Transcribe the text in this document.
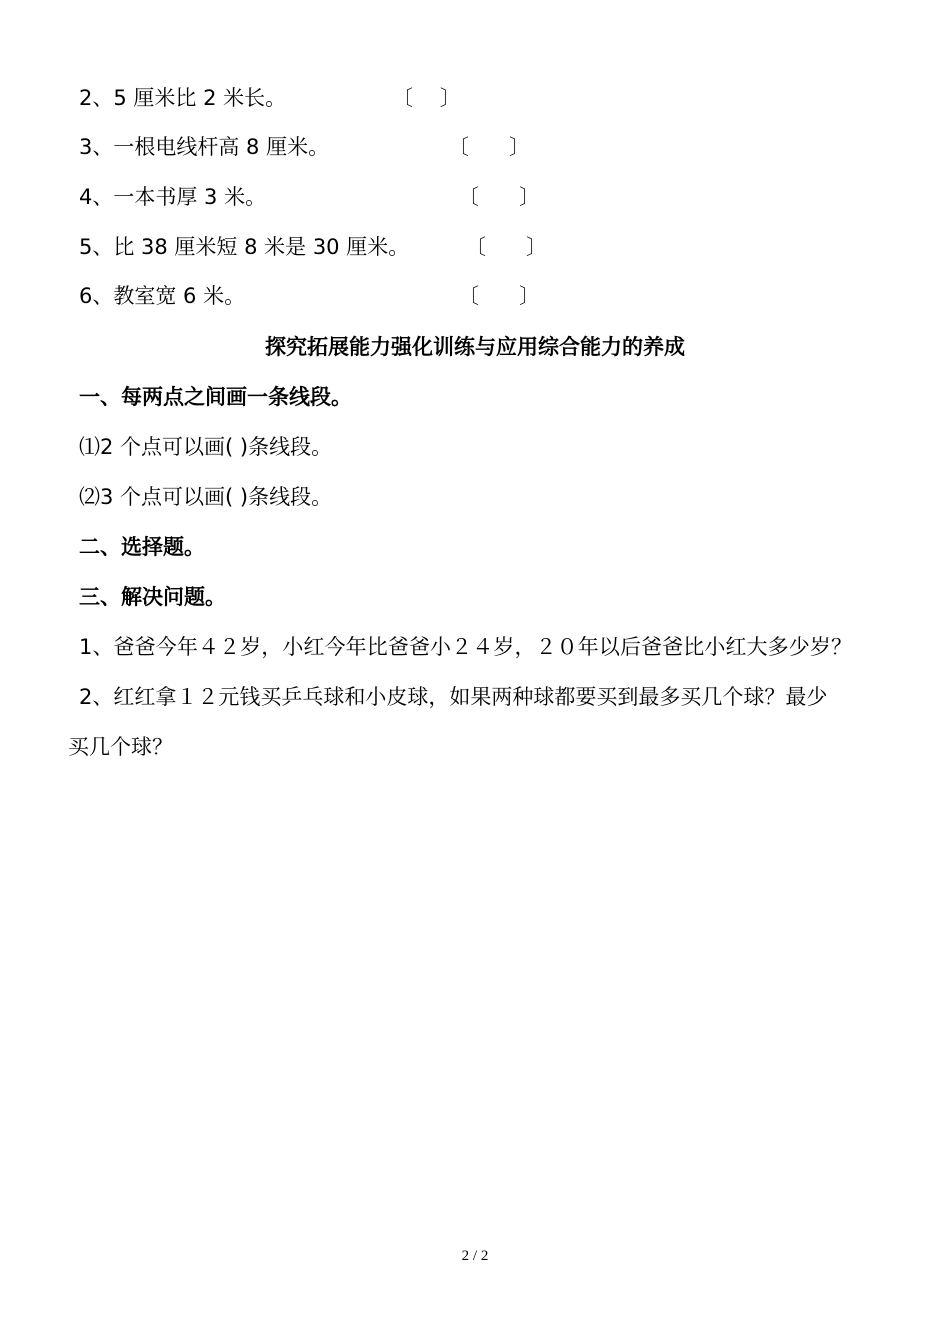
2、5 厘米比 2 米长。	〔    〕

3、一根电线杆高 8 厘米。	〔      〕

4、一本书厚 3 米。	〔      〕

5、比 38 厘米短 8 米是 30 厘米。	〔      〕

6、教室宽 6 米。	〔      〕
探究拓展能力强化训练与应用综合能力的养成

一、每两点之间画一条线段。

⑴2 个点可以画( )条线段。

⑵3 个点可以画( )条线段。

二、选择题。

三、解决问题。

1、爸爸今年４２岁，小红今年比爸爸小２４岁，２０年以后爸爸比小红大多少岁？

2、红红拿１２元钱买乒乓球和小皮球，如果两种球都要买到最多买几个球？最少

买几个球？

2 / 2
